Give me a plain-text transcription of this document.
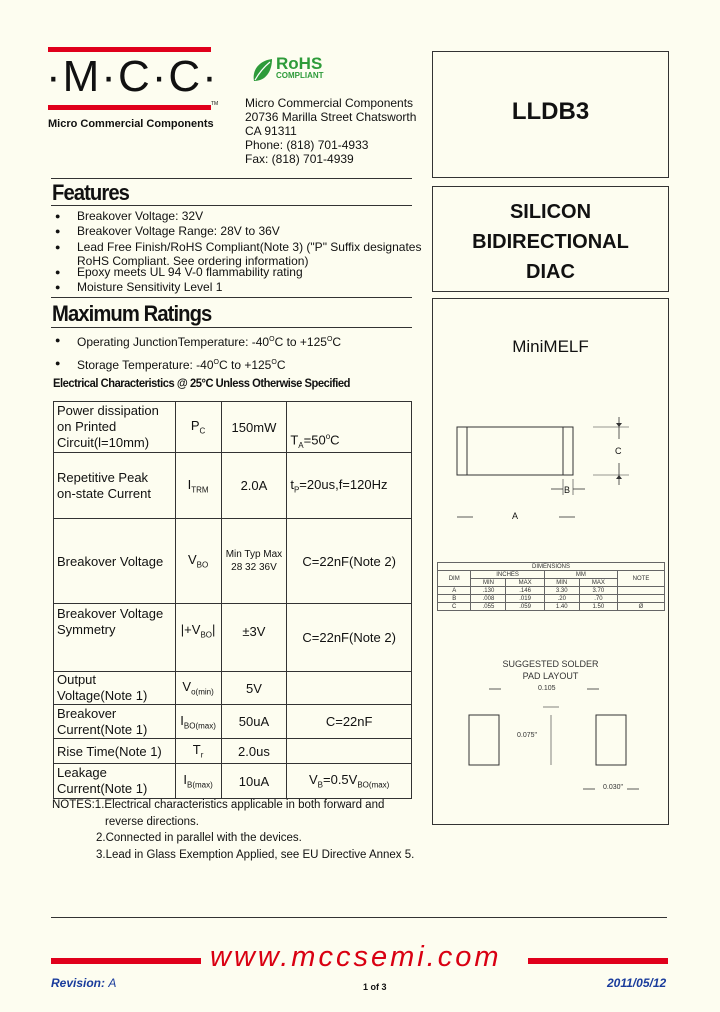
·M·C·C·
TM
Micro Commercial Components
RoHS
COMPLIANT
Micro Commercial Components
20736 Marilla Street Chatsworth
CA 91311
Phone: (818) 701-4933
Fax: (818) 701-4939
LLDB3
SILICON
BIDIRECTIONAL
DIAC
MiniMELF
C
B
A
DIMENSIONS					
DIM	INCHES		MM		NOTE
	MIN	MAX	MIN	MAX	
A	.130	.146	3.30	3.70	
B	.008	.019	.20	.70	
C	.055	.059	1.40	1.50	Ø
SUGGESTED SOLDER
PAD LAYOUT
0.105
0.075"
0.030"
Features
● Breakover Voltage: 32V
● Breakover Voltage Range: 28V to 36V
● Lead Free Finish/RoHS Compliant(Note 3) ("P" Suffix designates
RoHS Compliant. See ordering information)
● Epoxy meets UL 94 V-0 flammability rating
● Moisture Sensitivity Level 1
Maximum Ratings
● Operating JunctionTemperature: $-40^OC$ to $+125^OC$
● Storage Temperature: $-40^OC$ to $+125^OC$
Electrical Characteristics @ 25°C Unless Otherwise Specified
Power dissipation
on Printed
Circuit(l=10mm)	$P_C$	150mW	$T_A=50^oC$

Repetitive Peak
on-state Current	$I_{TRM}$	2.0A	$t_P=20us,f=120Hz$
Breakover Voltage	$V_{BO}$	Min Typ Max
28 32 36V	C=22nF(Note 2)

Breakover Voltage
Symmetry	$|+V_{BO}|$	±3V	C=22nF(Note 2)

Output
Voltage(Note 1)	$V_{o(min)}$	5V	

Breakover
Current(Note 1)	$I_{BO(max)}$	50uA	C=22nF
Rise Time(Note 1)	$T_r$	2.0us	

Leakage
Current(Note 1)	$I_{B(max)}$	10uA	$V_B=0.5V_{BO(max)}$
NOTES:1.Electrical characteristics applicable in both forward and
reverse directions.
2.Connected in parallel with the devices.
3.Lead in Glass Exemption Applied, see EU Directive Annex 5.
www.mccsemi.com
Revision: A	1 of 3	2011/05/12
